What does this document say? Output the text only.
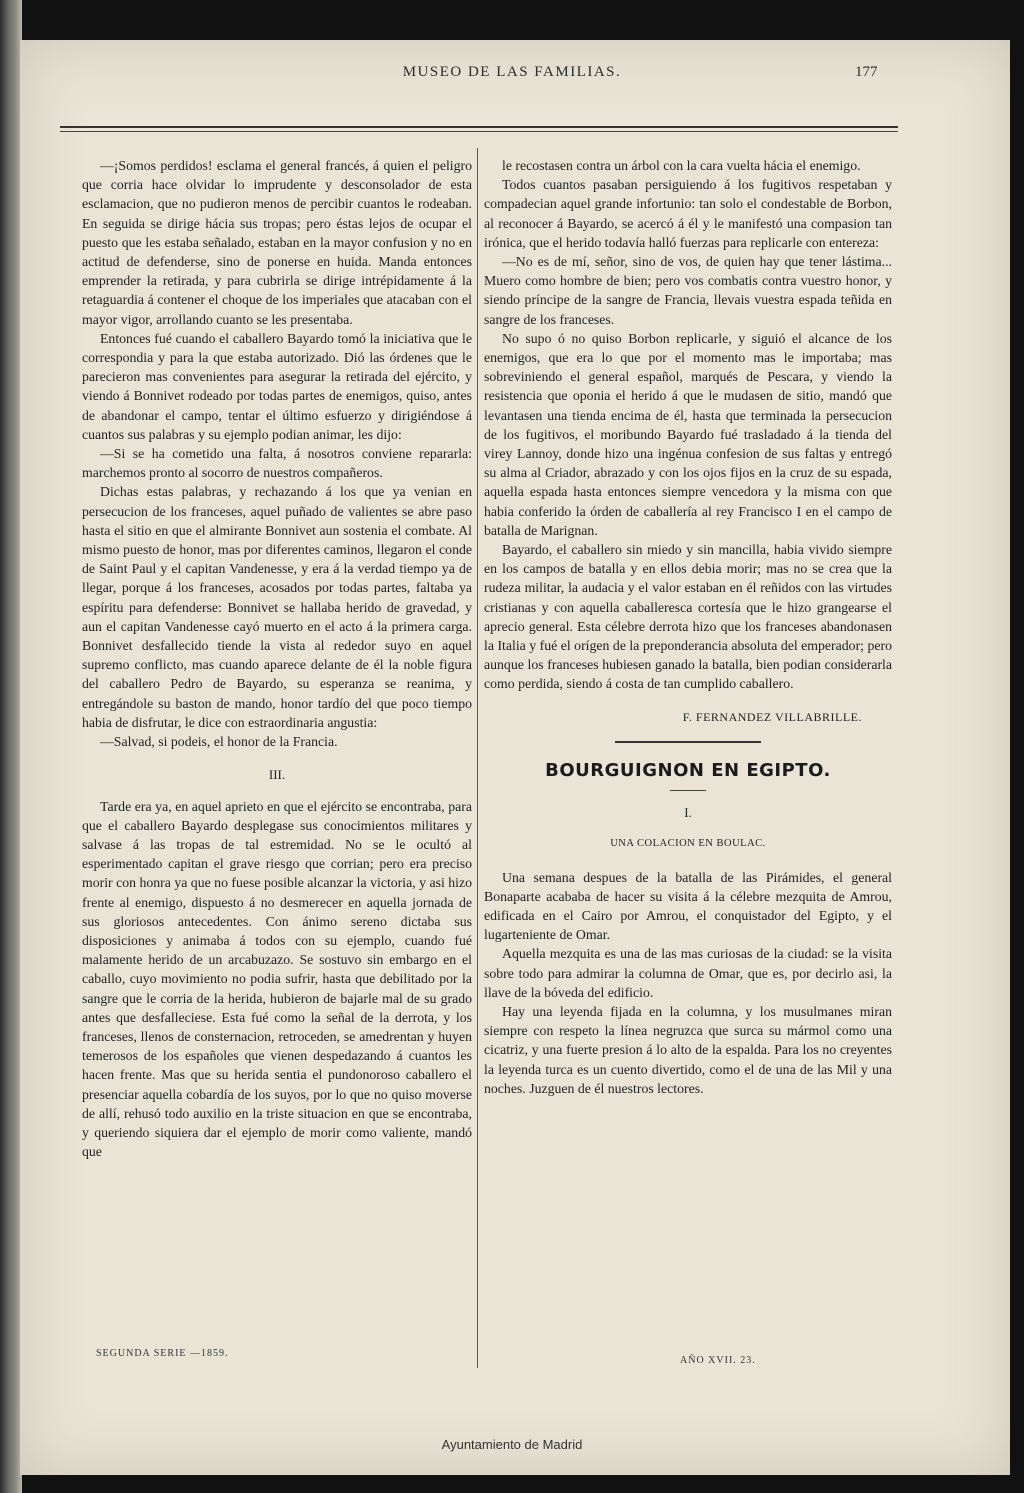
MUSEO DE LAS FAMILIAS.	177

—¡Somos perdidos! esclama el general francés, á quien el peligro que corria hace olvidar lo imprudente y desconsolador de esta esclamacion, que no pudieron menos de percibir cuantos le rodeaban. En seguida se dirige hácia sus tropas; pero éstas lejos de ocupar el puesto que les estaba señalado, estaban en la mayor confusion y no en actitud de defenderse, sino de ponerse en huida. Manda entonces emprender la retirada, y para cubrirla se dirige intrépidamente á la retaguardia á contener el choque de los imperiales que atacaban con el mayor vigor, arrollando cuanto se les presentaba.

Entonces fué cuando el caballero Bayardo tomó la iniciativa que le correspondia y para la que estaba autorizado. Dió las órdenes que le parecieron mas convenientes para asegurar la retirada del ejército, y viendo á Bonnivet rodeado por todas partes de enemigos, quiso, antes de abandonar el campo, tentar el último esfuerzo y dirigiéndose á cuantos sus palabras y su ejemplo podian animar, les dijo:

—Si se ha cometido una falta, á nosotros conviene repararla: marchemos pronto al socorro de nuestros compañeros.

Dichas estas palabras, y rechazando á los que ya venian en persecucion de los franceses, aquel puñado de valientes se abre paso hasta el sitio en que el almirante Bonnivet aun sostenia el combate. Al mismo puesto de honor, mas por diferentes caminos, llegaron el conde de Saint Paul y el capitan Vandenesse, y era á la verdad tiempo ya de llegar, porque á los franceses, acosados por todas partes, faltaba ya espíritu para defenderse: Bonnivet se hallaba herido de gravedad, y aun el capitan Vandenesse cayó muerto en el acto á la primera carga. Bonnivet desfallecido tiende la vista al rededor suyo en aquel supremo conflicto, mas cuando aparece delante de él la noble figura del caballero Pedro de Bayardo, su esperanza se reanima, y entregándole su baston de mando, honor tardío del que poco tiempo habia de disfrutar, le dice con estraordinaria angustia:

—Salvad, si podeis, el honor de la Francia.

III.

Tarde era ya, en aquel aprieto en que el ejército se encontraba, para que el caballero Bayardo desplegase sus conocimientos militares y salvase á las tropas de tal estremidad. No se le ocultó al esperimentado capitan el grave riesgo que corrian; pero era preciso morir con honra ya que no fuese posible alcanzar la victoria, y asi hizo frente al enemigo, dispuesto á no desmerecer en aquella jornada de sus gloriosos antecedentes. Con ánimo sereno dictaba sus disposiciones y animaba á todos con su ejemplo, cuando fué malamente herido de un arcabuzazo. Se sostuvo sin embargo en el caballo, cuyo movimiento no podia sufrir, hasta que debilitado por la sangre que le corria de la herida, hubieron de bajarle mal de su grado antes que desfalleciese. Esta fué como la señal de la derrota, y los franceses, llenos de consternacion, retroceden, se amedrentan y huyen temerosos de los españoles que vienen despedazando á cuantos les hacen frente. Mas que su herida sentia el pundonoroso caballero el presenciar aquella cobardía de los suyos, por lo que no quiso moverse de allí, rehusó todo auxilio en la triste situacion en que se encontraba, y queriendo siquiera dar el ejemplo de morir como valiente, mandó que

SEGUNDA SERIE —1859.

le recostasen contra un árbol con la cara vuelta hácia el enemigo.

Todos cuantos pasaban persiguiendo á los fugitivos respetaban y compadecian aquel grande infortunio: tan solo el condestable de Borbon, al reconocer á Bayardo, se acercó á él y le manifestó una compasion tan irónica, que el herido todavía halló fuerzas para replicarle con entereza:

—No es de mí, señor, sino de vos, de quien hay que tener lástima... Muero como hombre de bien; pero vos combatis contra vuestro honor, y siendo príncipe de la sangre de Francia, llevais vuestra espada teñida en sangre de los franceses.

No supo ó no quiso Borbon replicarle, y siguió el alcance de los enemigos, que era lo que por el momento mas le importaba; mas sobreviniendo el general español, marqués de Pescara, y viendo la resistencia que oponia el herido á que le mudasen de sitio, mandó que levantasen una tienda encima de él, hasta que terminada la persecucion de los fugitivos, el moribundo Bayardo fué trasladado á la tienda del virey Lannoy, donde hizo una ingénua confesion de sus faltas y entregó su alma al Criador, abrazado y con los ojos fijos en la cruz de su espada, aquella espada hasta entonces siempre vencedora y la misma con que habia conferido la órden de caballería al rey Francisco I en el campo de batalla de Marignan.

Bayardo, el caballero sin miedo y sin mancilla, habia vivido siempre en los campos de batalla y en ellos debia morir; mas no se crea que la rudeza militar, la audacia y el valor estaban en él reñidos con las virtudes cristianas y con aquella caballeresca cortesía que le hizo grangearse el aprecio general. Esta célebre derrota hizo que los franceses abandonasen la Italia y fué el orígen de la preponderancia absoluta del emperador; pero aunque los franceses hubiesen ganado la batalla, bien podian considerarla como perdida, siendo á costa de tan cumplido caballero.

F. FERNANDEZ VILLABRILLE.

BOURGUIGNON EN EGIPTO.

I.

UNA COLACION EN BOULAC.

Una semana despues de la batalla de las Pirámides, el general Bonaparte acababa de hacer su visita á la célebre mezquita de Amrou, edificada en el Cairo por Amrou, el conquistador del Egipto, y el lugarteniente de Omar.

Aquella mezquita es una de las mas curiosas de la ciudad: se la visita sobre todo para admirar la columna de Omar, que es, por decirlo asi, la llave de la bóveda del edificio.

Hay una leyenda fijada en la columna, y los musulmanes miran siempre con respeto la línea negruzca que surca su mármol como una cicatriz, y una fuerte presion á lo alto de la espalda. Para los no creyentes la leyenda turca es un cuento divertido, como el de una de las Mil y una noches. Juzguen de él nuestros lectores.

AÑO XVII. 23.
Ayuntamiento de Madrid
